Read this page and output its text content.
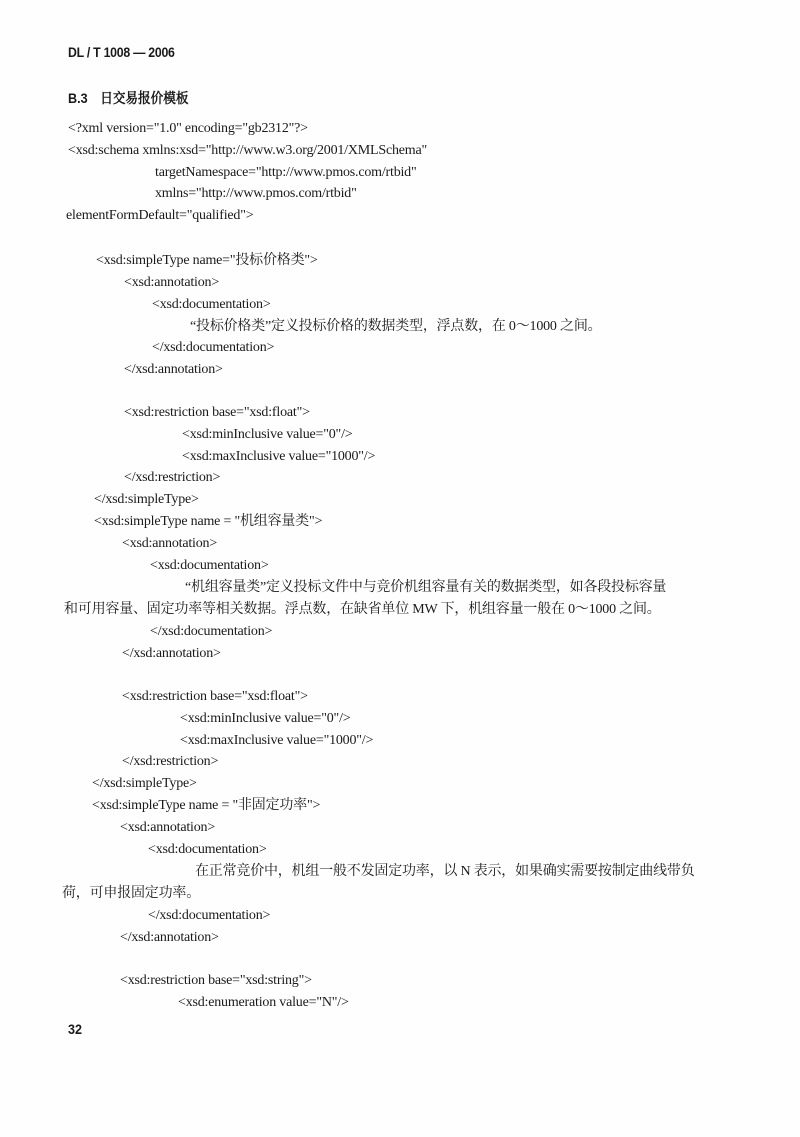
DL / T 1008 — 2006
B.3 日交易报价模板
<?xml version="1.0" encoding="gb2312"?>
<xsd:schema xmlns:xsd="http://www.w3.org/2001/XMLSchema"
targetNamespace="http://www.pmos.com/rtbid"
xmlns="http://www.pmos.com/rtbid"
elementFormDefault="qualified">
<xsd:simpleType name="投标价格类">
<xsd:annotation>
<xsd:documentation>
“投标价格类”定义投标价格的数据类型，浮点数，在 0～1000 之间。
</xsd:documentation>
</xsd:annotation>
<xsd:restriction base="xsd:float">
<xsd:minInclusive value="0"/>
<xsd:maxInclusive value="1000"/>
</xsd:restriction>
</xsd:simpleType>
<xsd:simpleType name = "机组容量类">
<xsd:annotation>
<xsd:documentation>
“机组容量类”定义投标文件中与竞价机组容量有关的数据类型，如各段投标容量
和可用容量、固定功率等相关数据。浮点数，在缺省单位 MW 下，机组容量一般在 0～1000 之间。
</xsd:documentation>
</xsd:annotation>
<xsd:restriction base="xsd:float">
<xsd:minInclusive value="0"/>
<xsd:maxInclusive value="1000"/>
</xsd:restriction>
</xsd:simpleType>
<xsd:simpleType name = "非固定功率">
<xsd:annotation>
<xsd:documentation>
在正常竞价中，机组一般不发固定功率，以 N 表示，如果确实需要按制定曲线带负
荷，可申报固定功率。
</xsd:documentation>
</xsd:annotation>
<xsd:restriction base="xsd:string">
<xsd:enumeration value="N"/>
32
